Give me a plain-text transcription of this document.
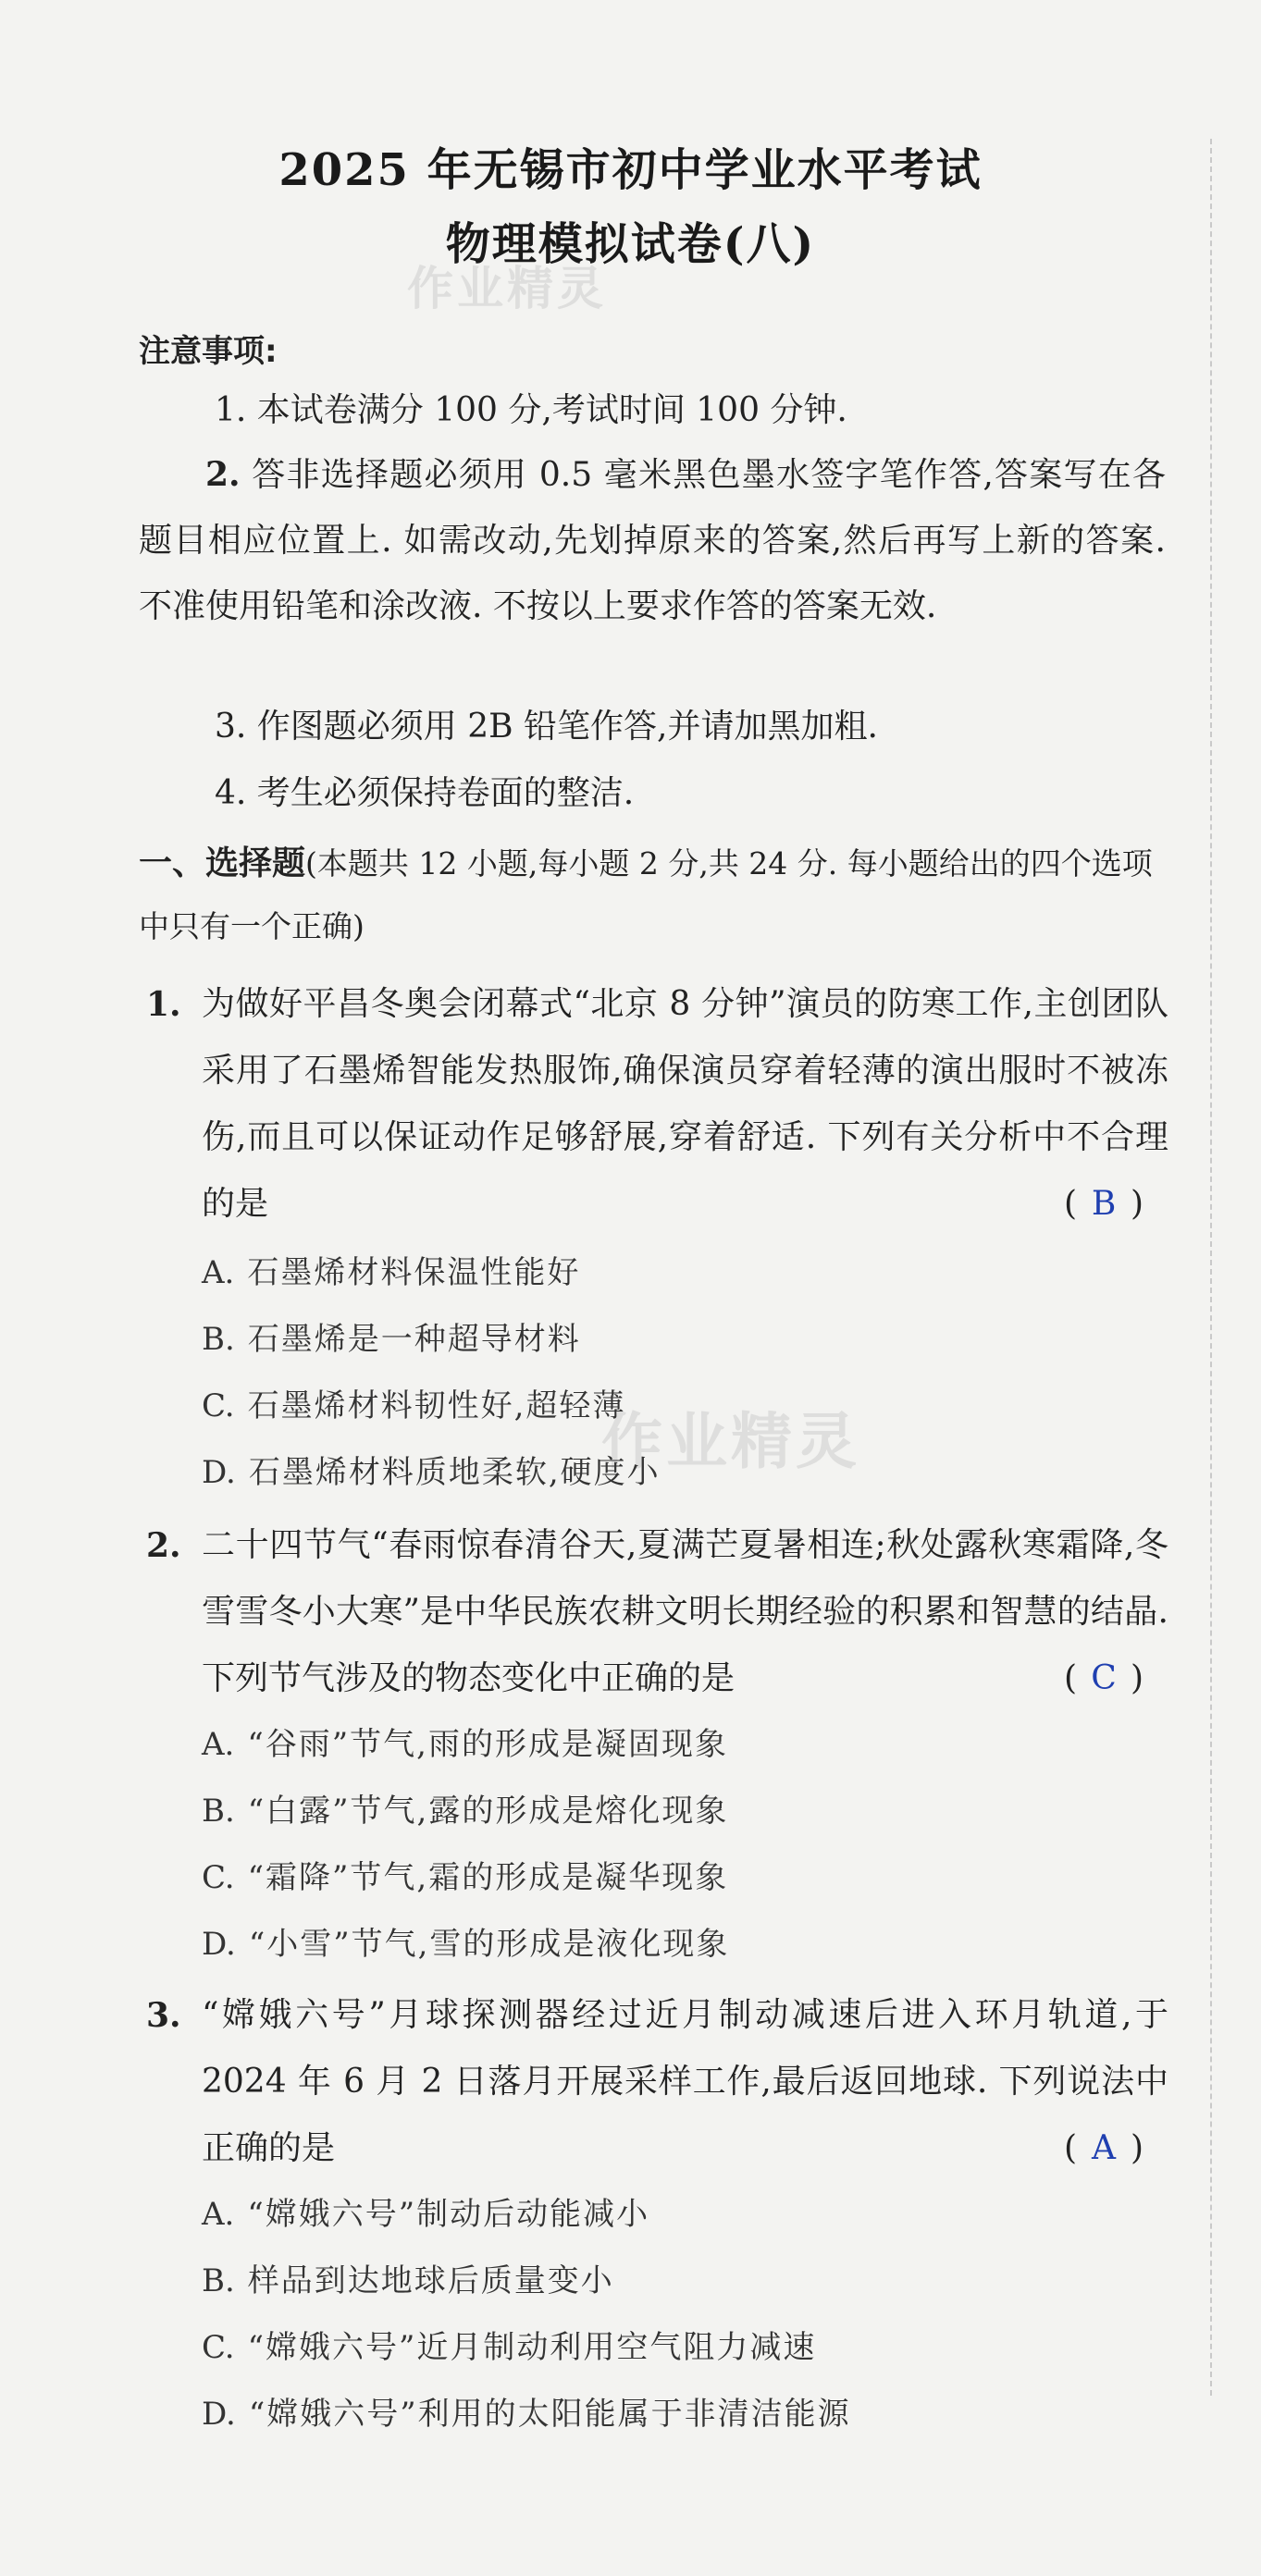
2025 年无锡市初中学业水平考试
物理模拟试卷(八)
作业精灵
作业精灵
注意事项:
1. 本试卷满分 100 分,考试时间 100 分钟.
2. 答非选择题必须用 0.5 毫米黑色墨水签字笔作答,答案写在各题目相应位置上. 如需改动,先划掉原来的答案,然后再写上新的答案. 不准使用铅笔和涂改液. 不按以上要求作答的答案无效.
3. 作图题必须用 2B 铅笔作答,并请加黑加粗.
4. 考生必须保持卷面的整洁.
一、选择题(本题共 12 小题,每小题 2 分,共 24 分. 每小题给出的四个选项中只有一个正确)
1. 为做好平昌冬奥会闭幕式“北京 8 分钟”演员的防寒工作,主创团队采用了石墨烯智能发热服饰,确保演员穿着轻薄的演出服时不被冻伤,而且可以保证动作足够舒展,穿着舒适. 下列有关分析中不合理的是	( B )
A. 石墨烯材料保温性能好
B. 石墨烯是一种超导材料
C. 石墨烯材料韧性好,超轻薄
D. 石墨烯材料质地柔软,硬度小
2. 二十四节气“春雨惊春清谷天,夏满芒夏暑相连;秋处露秋寒霜降,冬雪雪冬小大寒”是中华民族农耕文明长期经验的积累和智慧的结晶. 下列节气涉及的物态变化中正确的是	( C )
A. “谷雨”节气,雨的形成是凝固现象
B. “白露”节气,露的形成是熔化现象
C. “霜降”节气,霜的形成是凝华现象
D. “小雪”节气,雪的形成是液化现象
3. “嫦娥六号”月球探测器经过近月制动减速后进入环月轨道,于 2024 年 6 月 2 日落月开展采样工作,最后返回地球. 下列说法中正确的是	( A )
A. “嫦娥六号”制动后动能减小
B. 样品到达地球后质量变小
C. “嫦娥六号”近月制动利用空气阻力减速
D. “嫦娥六号”利用的太阳能属于非清洁能源
